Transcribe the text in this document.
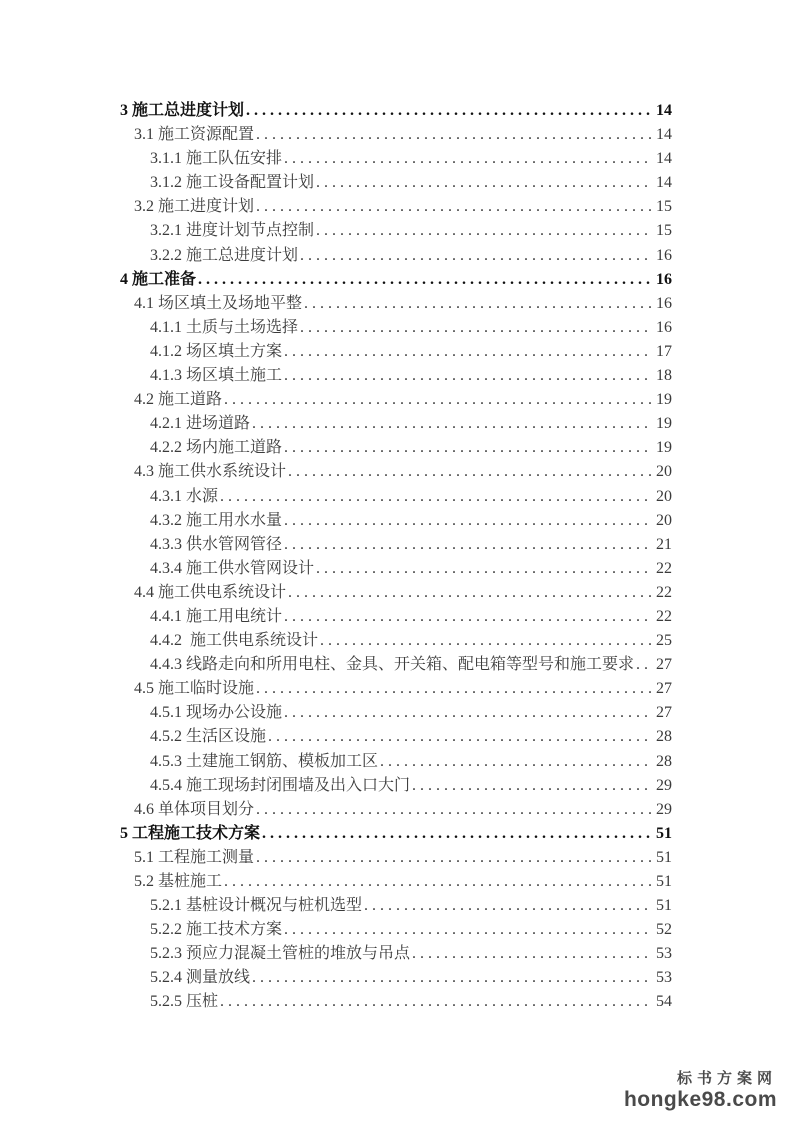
3 施工总进度计划 . . .	14
3.1 施工资源配置 . . .	14
3.1.1 施工队伍安排 . . .	14
3.1.2 施工设备配置计划 . . .	14
3.2 施工进度计划 . . .	15
3.2.1 进度计划节点控制 . . .	15
3.2.2 施工总进度计划 . . .	16
4 施工准备 . . .	16
4.1 场区填土及场地平整 . . .	16
4.1.1 土质与土场选择 . . .	16
4.1.2 场区填土方案 . . .	17
4.1.3 场区填土施工 . . .	18
4.2 施工道路 . . .	19
4.2.1 进场道路 . . .	19
4.2.2 场内施工道路 . . .	19
4.3 施工供水系统设计 . . .	20
4.3.1 水源 . . .	20
4.3.2 施工用水水量 . . .	20
4.3.3 供水管网管径 . . .	21
4.3.4 施工供水管网设计 . . .	22
4.4 施工供电系统设计 . . .	22
4.4.1 施工用电统计 . . .	22
4.4.2  施工供电系统设计 . . .	25
4.4.3 线路走向和所用电柱、金具、开关箱、配电箱等型号和施工要求 . . .	27
4.5 施工临时设施 . . .	27
4.5.1 现场办公设施 . . .	27
4.5.2 生活区设施 . . .	28
4.5.3 土建施工钢筋、模板加工区 . . .	28
4.5.4 施工现场封闭围墙及出入口大门 . . .	29
4.6 单体项目划分 . . .	29
5 工程施工技术方案 . . .	51
5.1 工程施工测量 . . .	51
5.2 基桩施工 . . .	51
5.2.1 基桩设计概况与桩机选型 . . .	51
5.2.2 施工技术方案 . . .	52
5.2.3 预应力混凝土管桩的堆放与吊点 . . .	53
5.2.4 测量放线 . . .	53
5.2.5 压桩 . . .	54
标书方案网
hongke98.com
